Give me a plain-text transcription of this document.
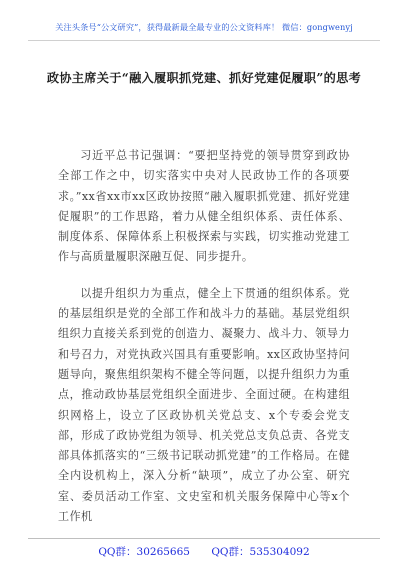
关注头条号“公文研究”，获得最新最全最专业的公文资料库！ 微信：gongwenyj
政协主席关于“融入履职抓党建、抓好党建促履职”的思考

习近平总书记强调：“要把坚持党的领导贯穿到政协全部工作之中，切实落实中央对人民政协工作的各项要求。”xx省xx市xx区政协按照“融入履职抓党建、抓好党建促履职”的工作思路，着力从健全组织体系、责任体系、制度体系、保障体系上积极探索与实践，切实推动党建工作与高质量履职深融互促、同步提升。

以提升组织力为重点，健全上下贯通的组织体系。党的基层组织是党的全部工作和战斗力的基础。基层党组织组织力直接关系到党的创造力、凝聚力、战斗力、领导力和号召力，对党执政兴国具有重要影响。xx区政协坚持问题导向，聚焦组织架构不健全等问题，以提升组织力为重点，推动政协基层党组织全面进步、全面过硬。在构建组织网格上，设立了区政协机关党总支、x个专委会党支部，形成了政协党组为领导、机关党总支负总责、各党支部具体抓落实的“三级书记联动抓党建”的工作格局。在健全内设机构上，深入分析“缺项”，成立了办公室、研究室、委员活动工作室、文史室和机关服务保障中心等x个工作机

QQ群：30265665 QQ群：535304092
